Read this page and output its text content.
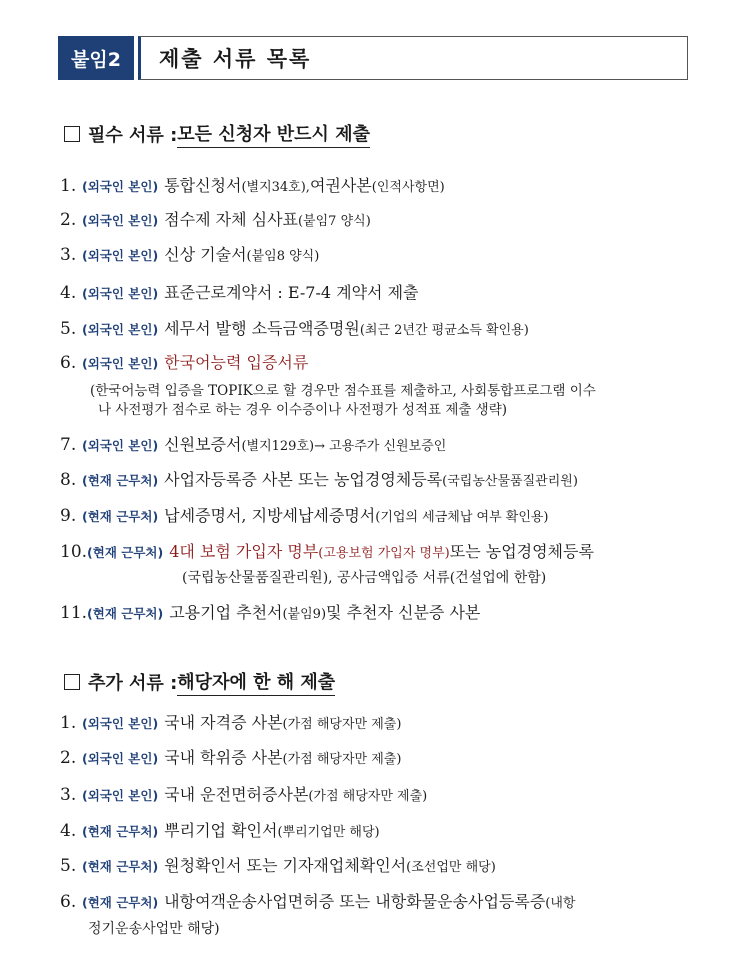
붙임2	제출 서류 목록
필수 서류 : 모든 신청자 반드시 제출
1. (외국인 본인) 통합신청서 (별지34호), 여권사본 (인적사항면)
2. (외국인 본인) 점수제 자체 심사표 (붙임7 양식)
3. (외국인 본인) 신상 기술서 (붙임8 양식)
4. (외국인 본인) 표준근로계약서 : E-7-4 계약서 제출
5. (외국인 본인) 세무서 발행 소득금액증명원 (최근 2년간 평균소득 확인용)
6. (외국인 본인) 한국어능력 입증서류
7. (외국인 본인) 신원보증서 (별지129호) → 고용주가 신원보증인
8. (현재 근무처) 사업자등록증 사본 또는 농업경영체등록 (국립농산물품질관리원)
9. (현재 근무처) 납세증명서, 지방세납세증명서 (기업의 세금체납 여부 확인용)
10. (현재 근무처) 4대 보험 가입자 명부 (고용보험 가입자 명부) 또는 농업경영체등록
11. (현재 근무처) 고용기업 추천서 (붙임9) 및 추천자 신분증 사본
(한국어능력 입증을 TOPIK으로 할 경우만 점수표를 제출하고, 사회통합프로그램 이수
나 사전평가 점수로 하는 경우 이수증이나 사전평가 성적표 제출 생략)
(국립농산물품질관리원), 공사금액입증 서류(건설업에 한함)
추가 서류 : 해당자에 한 해 제출
1. (외국인 본인) 국내 자격증 사본 (가점 해당자만 제출)
2. (외국인 본인) 국내 학위증 사본 (가점 해당자만 제출)
3. (외국인 본인) 국내 운전면허증사본 (가점 해당자만 제출)
4. (현재 근무처) 뿌리기업 확인서 (뿌리기업만 해당)
5. (현재 근무처) 원청확인서 또는 기자재업체확인서 (조선업만 해당)
6. (현재 근무처) 내항여객운송사업면허증 또는 내항화물운송사업등록증 (내항
정기운송사업만 해당)
